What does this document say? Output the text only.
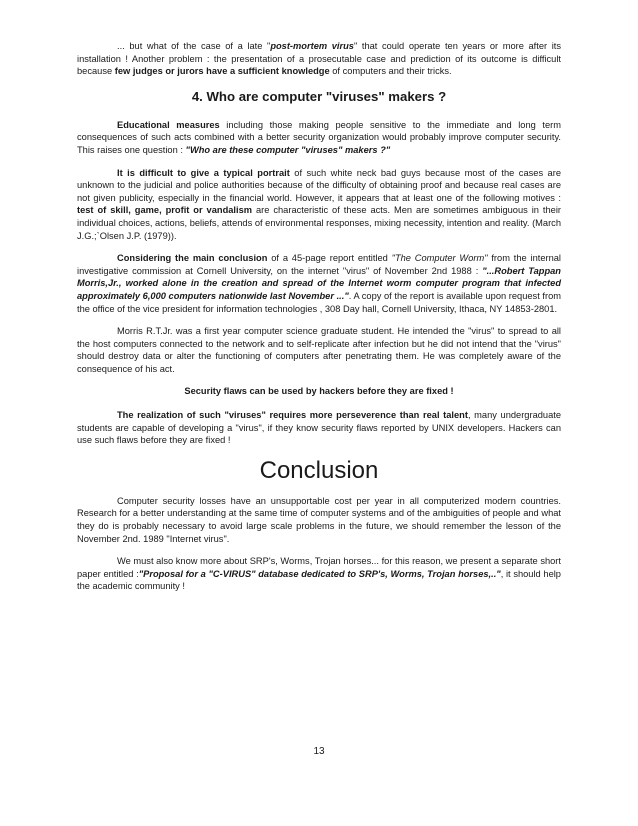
... but what of the case of a late "post-mortem virus" that could operate ten years or more after its installation ! Another problem : the presentation of a prosecutable case and prediction of its outcome is difficult because few judges or jurors have a sufficient knowledge of computers and their tricks.

4. Who are computer "viruses" makers ?

Educational measures including those making people sensitive to the immediate and long term consequences of such acts combined with a better security organization would probably improve computer security. This raises one question : "Who are these computer "viruses" makers ?"

It is difficult to give a typical portrait of such white neck bad guys because most of the cases are unknown to the judicial and police authorities because of the difficulty of obtaining proof and because real cases are not given publicity, especially in the financial world. However, it appears that at least one of the following motives : test of skill, game, profit or vandalism are characteristic of these acts. Men are sometimes ambiguous in their individual choices, actions, beliefs, attends of environmental responses, mixing necessity, intention and reality. (March J.G.;`Olsen J.P. (1979)).

Considering the main conclusion of a 45-page report entitled "The Computer Worm" from the internal investigative commission at Cornell University, on the internet "virus" of November 2nd 1988 : "...Robert Tappan Morris,Jr., worked alone in the creation and spread of the Internet worm computer program that infected approximately 6,000 computers nationwide last November ...". A copy of the report is available upon request from the office of the vice president for information technologies , 308 Day hall, Cornell University, Ithaca, NY 14853-2801.

Morris R.T.Jr. was a first year computer science graduate student. He intended the "virus" to spread to all the host computers connected to the network and to self-replicate after infection but he did not intend that the "virus" should destroy data or alter the functioning of computers after penetrating them. He was completely aware of the consequence of his act.

Security flaws can be used by hackers before they are fixed !

The realization of such "viruses" requires more perseverence than real talent, many undergraduate students are capable of developing a "virus", if they know security flaws reported by UNIX developers. Hackers can use such flaws before they are fixed !

Conclusion

Computer security losses have an unsupportable cost per year in all computerized modern countries. Research for a better understanding at the same time of computer systems and of the ambiguities of people and what they do is probably necessary to avoid large scale problems in the future, we should remember the lesson of the November 2nd. 1989 "Internet virus".

We must also know more about SRP's, Worms, Trojan horses... for this reason, we present a separate short paper entitled :"Proposal for a "C-VIRUS" database dedicated to SRP's, Worms, Trojan horses,..", it should help the academic community !

13
